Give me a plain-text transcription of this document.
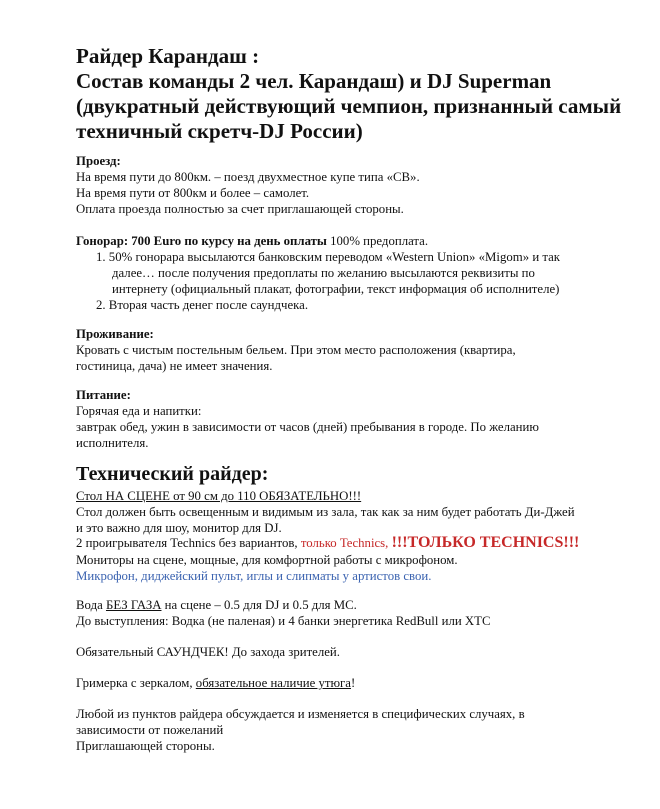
Райдер Карандаш :
Состав команды 2 чел. Карандаш) и DJ Superman
(двукратный действующий чемпион, признанный самый
техничный скретч-DJ России)
Проезд:
На время пути до 800км. – поезд двухместное купе типа «СВ».
На время пути от 800км и более – самолет.
Оплата проезда полностью за счет приглашающей стороны.
Гонорар: 700 Euro по курсу на день оплаты 100% предоплата.
1. 50% гонорара высылаются банковским переводом «Western Union» «Migom» и так
далее… после получения предоплаты по желанию высылаются реквизиты по
интернету (официальный плакат, фотографии, текст информация об исполнителе)
2. Вторая часть денег после саундчека.
Проживание:
Кровать с чистым постельным бельем. При этом место расположения (квартира,
гостиница, дача) не имеет значения.
Питание:
Горячая еда и напитки:
завтрак обед, ужин в зависимости от часов (дней) пребывания в городе. По желанию
исполнителя.
Технический райдер:
Стол НА СЦЕНЕ от 90 см до 110 ОБЯЗАТЕЛЬНО!!!
Стол должен быть освещенным и видимым из зала, так как за ним будет работать Ди-Джей
и это важно для шоу, монитор для DJ.
2 проигрывателя Technics без вариантов, только Technics, !!!ТОЛЬКО TECHNICS!!!
Мониторы на сцене, мощные, для комфортной работы с микрофоном.
Микрофон, диджейский пульт, иглы и слипматы у артистов свои.
Вода БЕЗ ГАЗА на сцене – 0.5 для DJ и 0.5 для MC.
До выступления: Водка (не паленая) и 4 банки энергетика RedBull или XTC
Обязательный САУНДЧЕК! До захода зрителей.
Гримерка с зеркалом, обязательное наличие утюга!
Любой из пунктов райдера обсуждается и изменяется в специфических случаях, в
зависимости от пожеланий
Приглашающей стороны.
